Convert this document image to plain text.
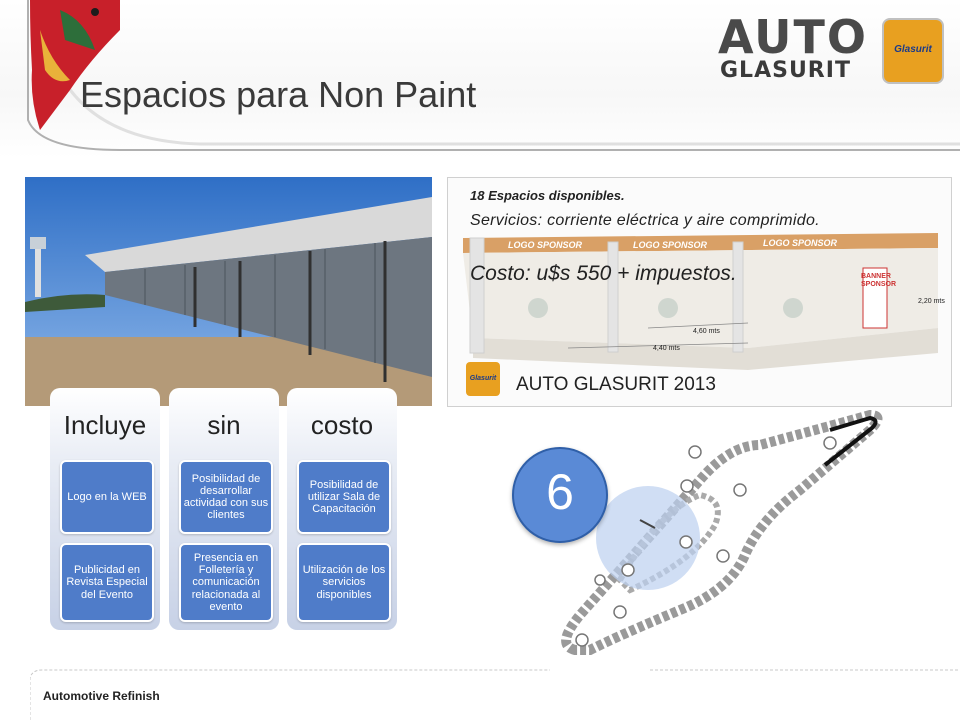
Espacios para Non Paint
AUTO
GLASURIT
Glasurit
LOGO SPONSOR	LOGO SPONSOR	LOGO SPONSOR
BANNER SPONSOR
4,60 mts
4,40 mts
2,20 mts
18 Espacios disponibles.
Servicios: corriente eléctrica y aire comprimido.
Costo: u$s 550 + impuestos.
Glasurit AUTO GLASURIT 2013
Incluye
Logo en la WEB
Publicidad en Revista Especial del Evento
sin
Posibilidad de desarrollar actividad con sus clientes
Presencia en Folletería y comunicación relacionada al evento
costo
Posibilidad de utilizar Sala de Capacitación
Utilización de los servicios disponibles
6
Automotive Refinish
